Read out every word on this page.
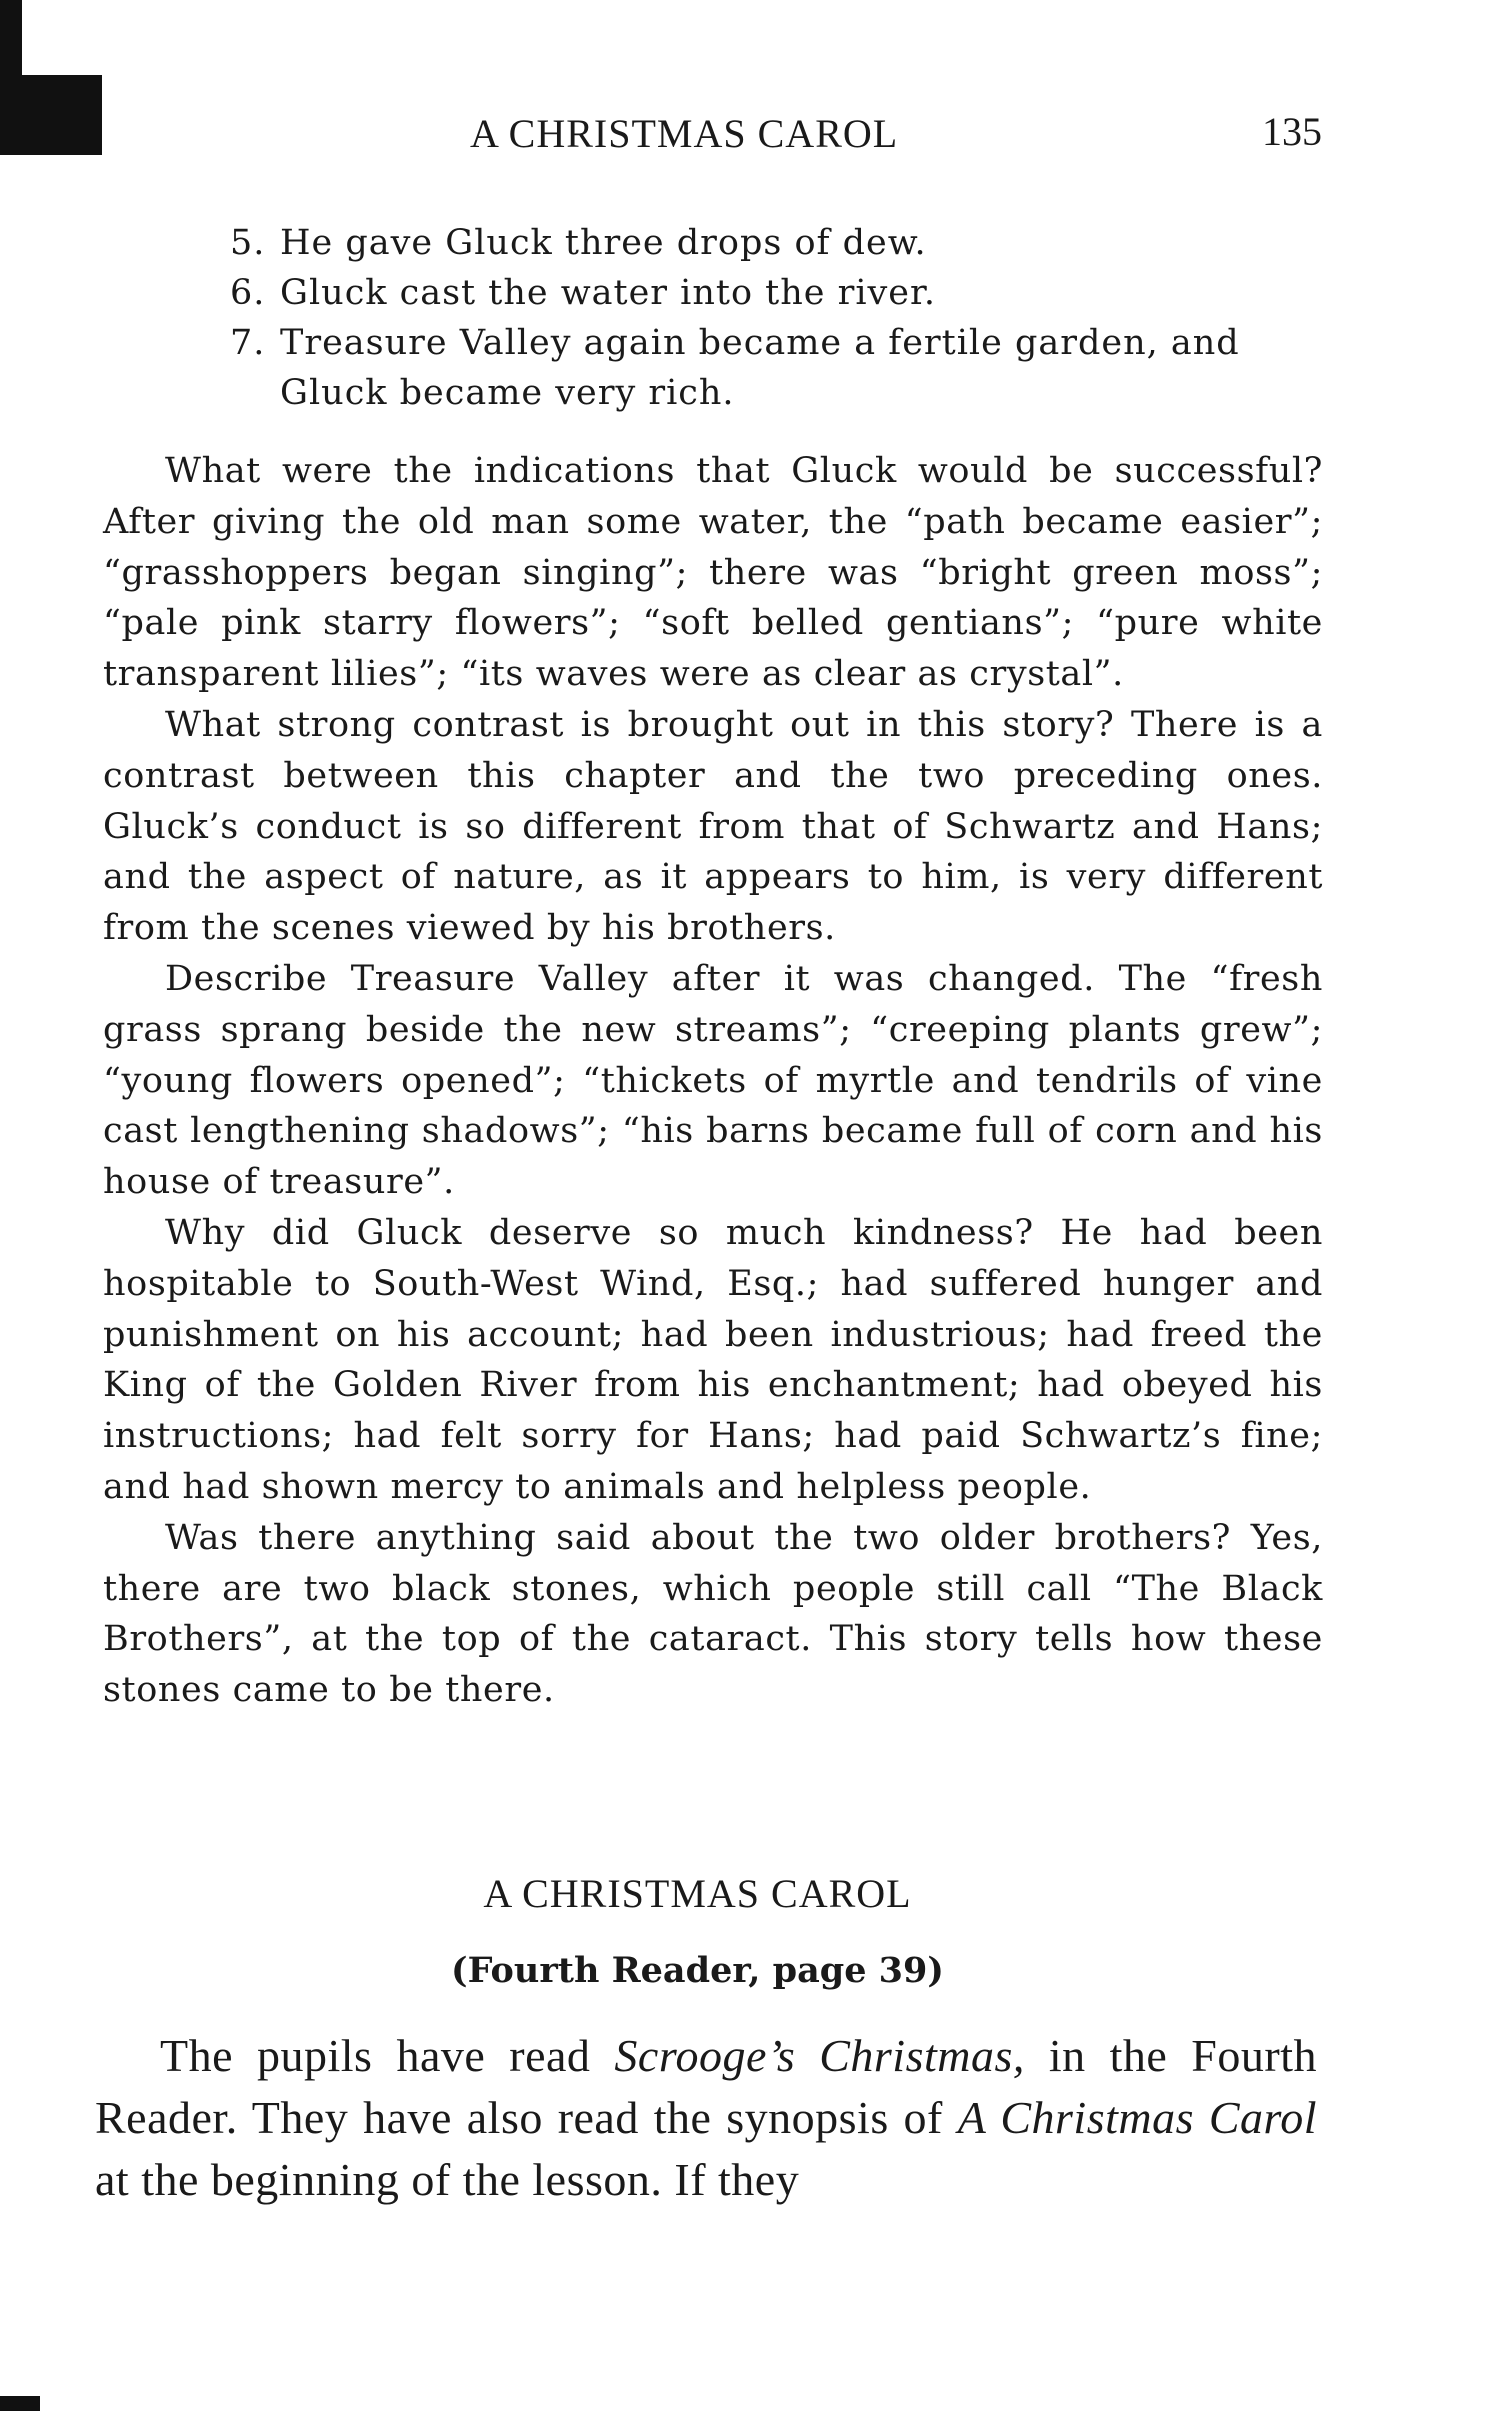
A CHRISTMAS CAROL	135
5. He gave Gluck three drops of dew.
6. Gluck cast the water into the river.
7. Treasure Valley again became a fertile garden, and Gluck became very rich.

What were the indications that Gluck would be successful? After giving the old man some water, the “path became easier”; “grasshoppers began singing”; there was “bright green moss”; “pale pink starry flowers”; “soft belled gentians”; “pure white transparent lilies”; “its waves were as clear as crystal”.

What strong contrast is brought out in this story? There is a contrast between this chapter and the two preceding ones. Gluck’s conduct is so different from that of Schwartz and Hans; and the aspect of nature, as it appears to him, is very different from the scenes viewed by his brothers.

Describe Treasure Valley after it was changed. The “fresh grass sprang beside the new streams”; “creeping plants grew”; “young flowers opened”; “thickets of myrtle and tendrils of vine cast lengthening shadows”; “his barns became full of corn and his house of treasure”.

Why did Gluck deserve so much kindness? He had been hospitable to South-West Wind, Esq.; had suffered hunger and punishment on his account; had been industrious; had freed the King of the Golden River from his enchantment; had obeyed his instructions; had felt sorry for Hans; had paid Schwartz’s fine; and had shown mercy to animals and helpless people.

Was there anything said about the two older brothers? Yes, there are two black stones, which people still call “The Black Brothers”, at the top of the cataract. This story tells how these stones came to be there.

A CHRISTMAS CAROL
(Fourth Reader, page 39)

The pupils have read Scrooge’s Christmas, in the Fourth Reader. They have also read the synopsis of A Christmas Carol at the beginning of the lesson. If they
